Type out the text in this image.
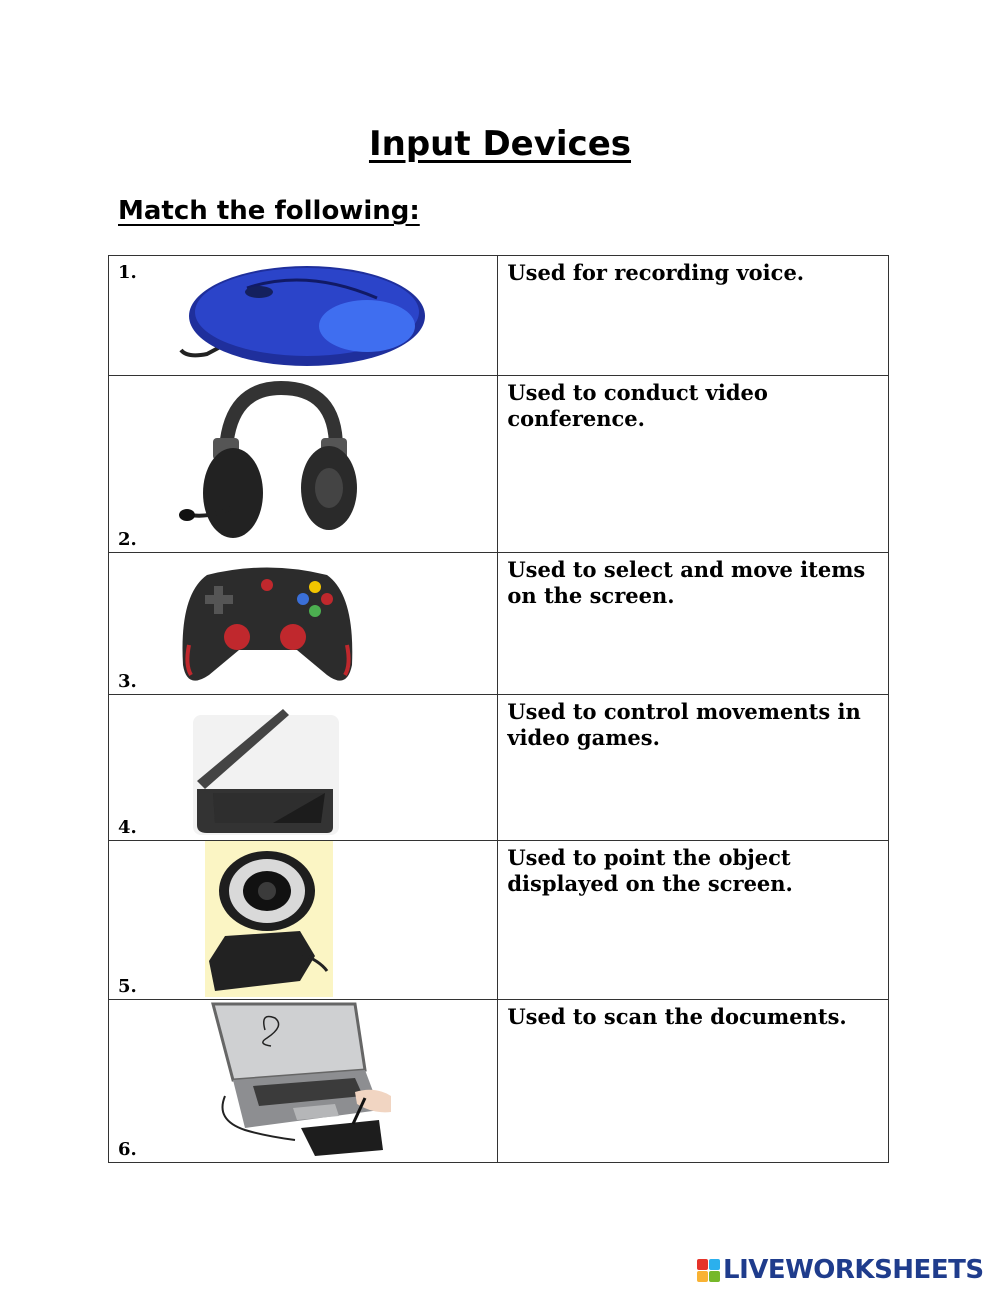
Input Devices
Match the following:
1.	Used for recording voice.

2.	Used to conduct video conference.

3.	Used to select and move items on the screen.

4.	Used to control movements in video games.

5.	Used to point the object displayed on the screen.

6.	Used to scan the documents.
LIVEWORKSHEETS
